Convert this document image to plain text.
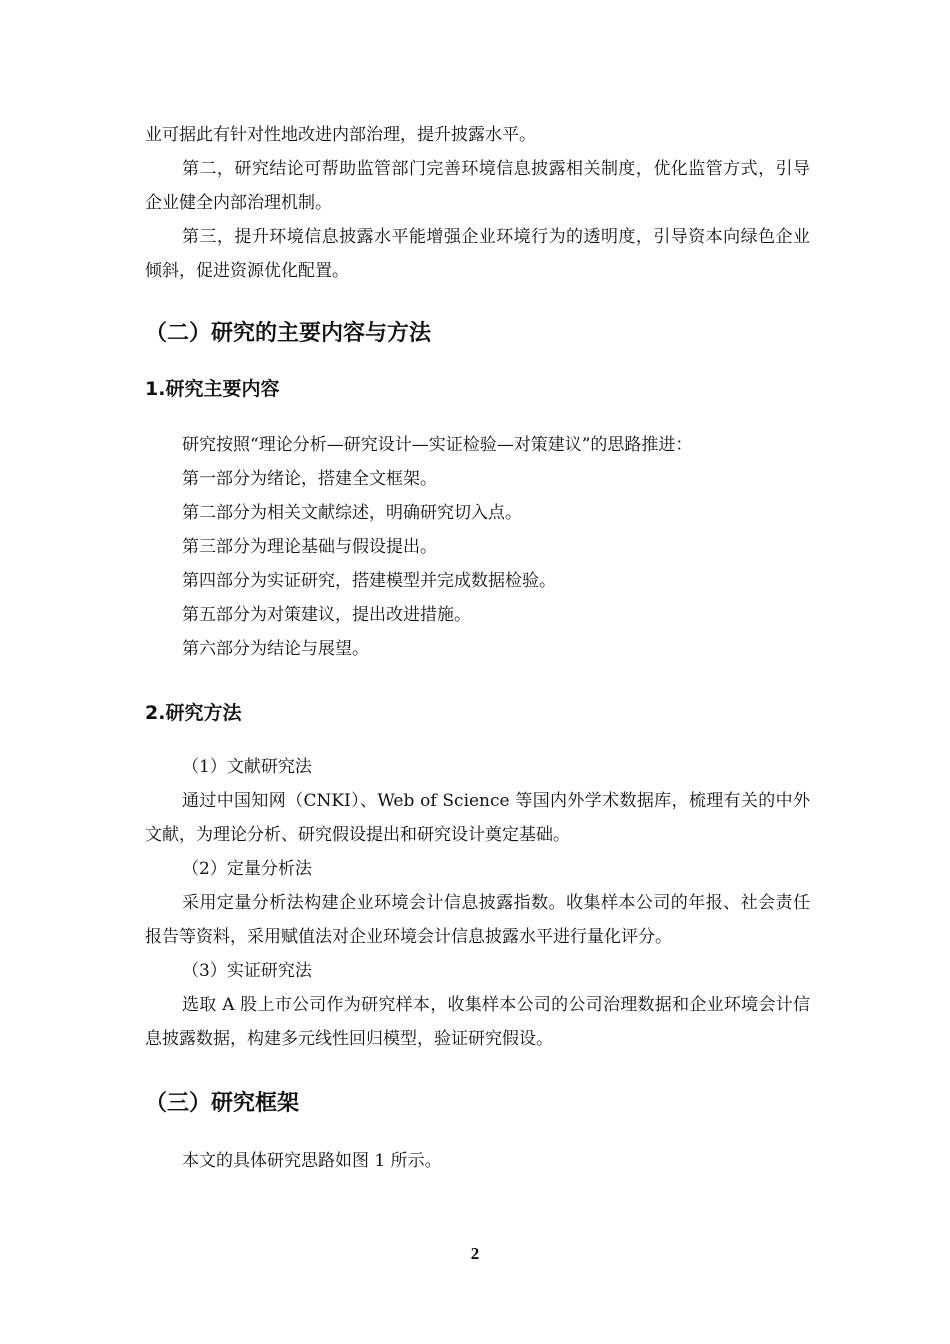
业可据此有针对性地改进内部治理，提升披露水平。

第二，研究结论可帮助监管部门完善环境信息披露相关制度，优化监管方式，引导企业健全内部治理机制。

第三，提升环境信息披露水平能增强企业环境行为的透明度，引导资本向绿色企业倾斜，促进资源优化配置。

（二）研究的主要内容与方法
1.研究主要内容

研究按照“理论分析—研究设计—实证检验—对策建议”的思路推进：

第一部分为绪论，搭建全文框架。

第二部分为相关文献综述，明确研究切入点。

第三部分为理论基础与假设提出。

第四部分为实证研究，搭建模型并完成数据检验。

第五部分为对策建议，提出改进措施。

第六部分为结论与展望。

2.研究方法

（1）文献研究法

通过中国知网（CNKI）、Web of Science 等国内外学术数据库，梳理有关的中外文献，为理论分析、研究假设提出和研究设计奠定基础。

（2）定量分析法

采用定量分析法构建企业环境会计信息披露指数。收集样本公司的年报、社会责任报告等资料，采用赋值法对企业环境会计信息披露水平进行量化评分。

（3）实证研究法

选取 A 股上市公司作为研究样本，收集样本公司的公司治理数据和企业环境会计信息披露数据，构建多元线性回归模型，验证研究假设。

（三）研究框架

本文的具体研究思路如图 1 所示。

2
